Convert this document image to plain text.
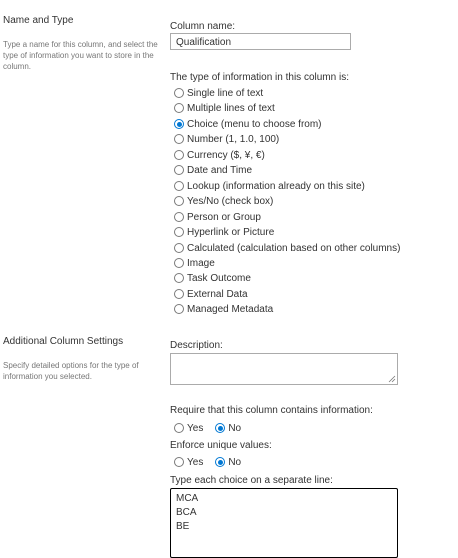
Name and Type
Type a name for this column, and select the type of information you want to store in the column.
Column name:
Qualification
The type of information in this column is:
Single line of text
Multiple lines of text
Choice (menu to choose from)
Number (1, 1.0, 100)
Currency ($, ¥, €)
Date and Time
Lookup (information already on this site)
Yes/No (check box)
Person or Group
Hyperlink or Picture
Calculated (calculation based on other columns)
Image
Task Outcome
External Data
Managed Metadata
Additional Column Settings
Specify detailed options for the type of information you selected.
Description:
Require that this column contains information:
Yes	No
Enforce unique values:
Yes	No
Type each choice on a separate line:
MCA
BCA
BE
